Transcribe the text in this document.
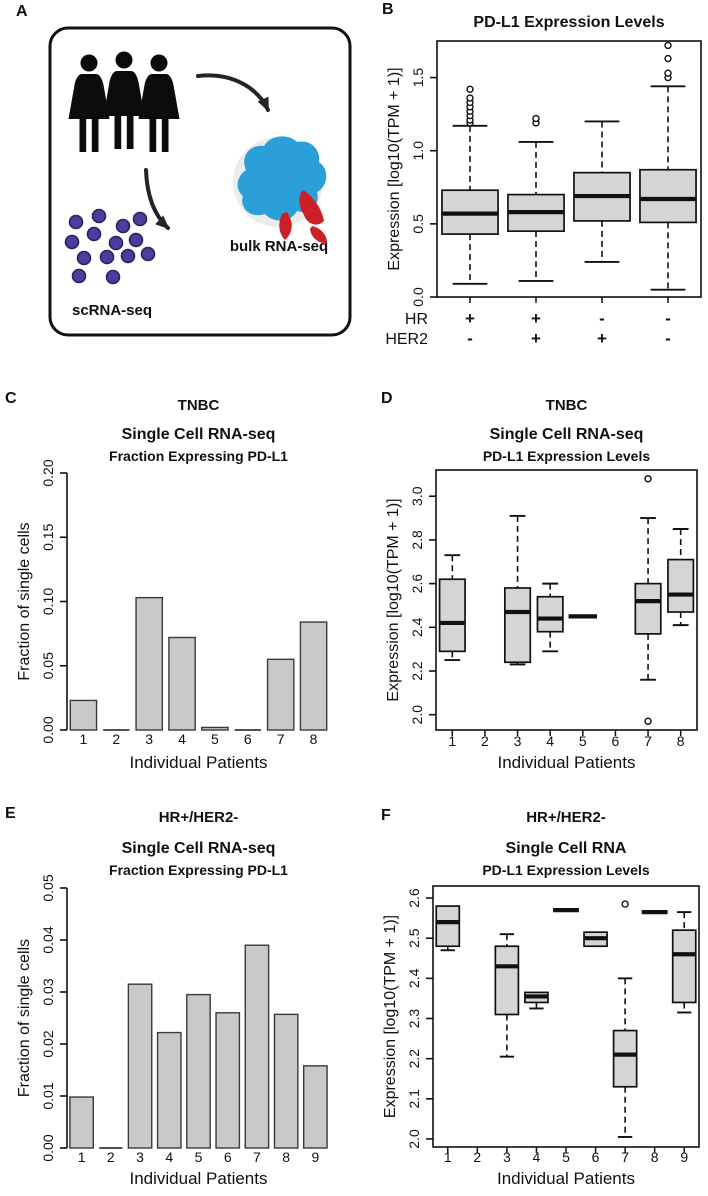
A	B
C	D
E	F
bulk RNA-seq
scRNA-seq
PD-L1 Expression Levels
0.0
0.5
1.0
1.5
Expression [log10(TPM + 1)]
HR +	+	-	-
HER2 -	+	+	-
TNBC
Single Cell RNA-seq
Fraction Expressing PD-L1
0.00
0.05
0.10
0.15
0.20
Fraction of single cells
Individual Patients
1 2 3 4 5 6 7 8
TNBC
Single Cell RNA-seq
PD-L1 Expression Levels
2.0
2.2
2.4
2.6
2.8
3.0
Expression [log10(TPM + 1)]
Individual Patients
1 2 3 4 5 6 7 8
HR+/HER2-
Single Cell RNA-seq
Fraction Expressing PD-L1
0.00
0.01
0.02
0.03
0.04
0.05
Fraction of single cells
Individual Patients
1 2 3 4 5 6 7 8 9
HR+/HER2-
Single Cell RNA
PD-L1 Expression Levels
2.0
2.1
2.2
2.3
2.4
2.5
2.6
Expression [log10(TPM + 1)]
Individual Patients
1 2 3 4 5 6 7 8 9
